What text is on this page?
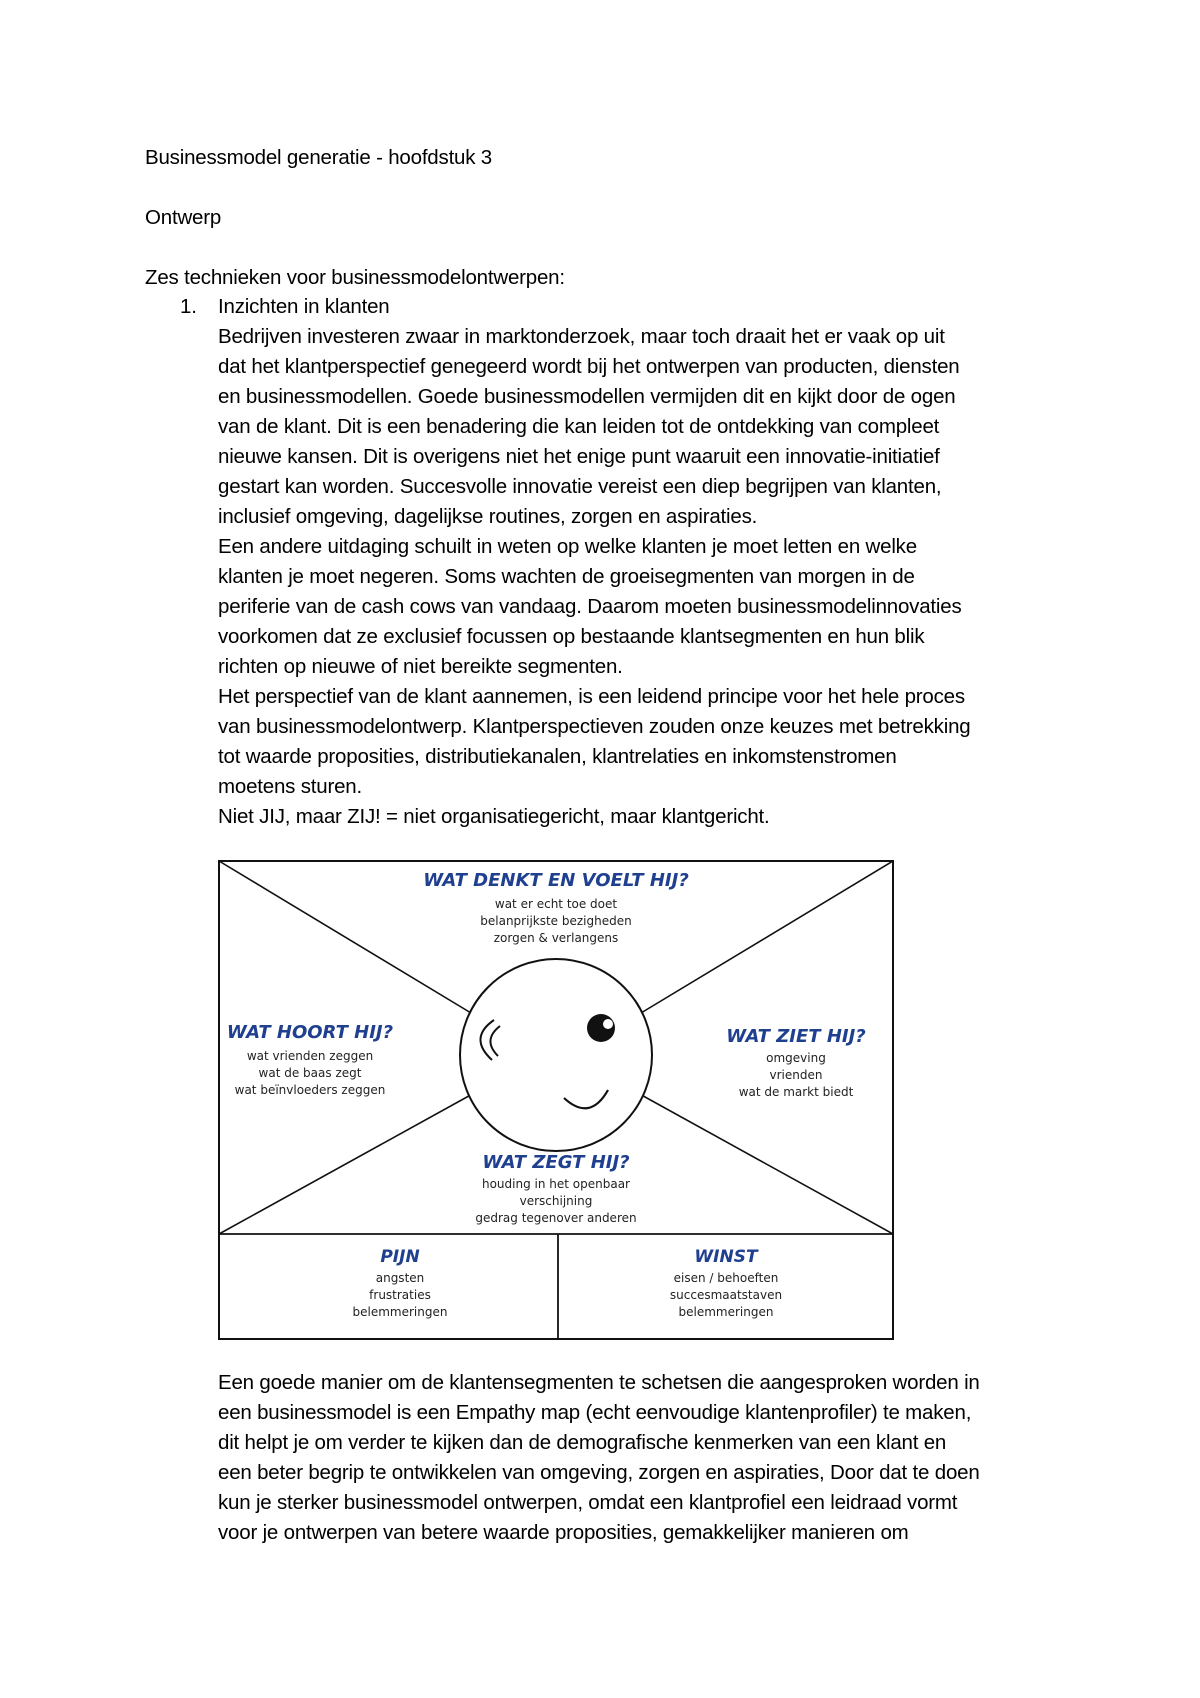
Businessmodel generatie - hoofdstuk 3
Ontwerp
Zes technieken voor businessmodelontwerpen:
1. Inzichten in klanten
Bedrijven investeren zwaar in marktonderzoek, maar toch draait het er vaak op uit
dat het klantperspectief genegeerd wordt bij het ontwerpen van producten, diensten
en businessmodellen. Goede businessmodellen vermijden dit en kijkt door de ogen
van de klant. Dit is een benadering die kan leiden tot de ontdekking van compleet
nieuwe kansen. Dit is overigens niet het enige punt waaruit een innovatie-initiatief
gestart kan worden. Succesvolle innovatie vereist een diep begrijpen van klanten,
inclusief omgeving, dagelijkse routines, zorgen en aspiraties.
Een andere uitdaging schuilt in weten op welke klanten je moet letten en welke
klanten je moet negeren. Soms wachten de groeisegmenten van morgen in de
periferie van de cash cows van vandaag. Daarom moeten businessmodelinnovaties
voorkomen dat ze exclusief focussen op bestaande klantsegmenten en hun blik
richten op nieuwe of niet bereikte segmenten.
Het perspectief van de klant aannemen, is een leidend principe voor het hele proces
van businessmodelontwerp. Klantperspectieven zouden onze keuzes met betrekking
tot waarde proposities, distributiekanalen, klantrelaties en inkomstenstromen
moetens sturen.
Niet JIJ, maar ZIJ! = niet organisatiegericht, maar klantgericht.
WAT DENKT EN VOELT HIJ?
wat er echt toe doet
belanprijkste bezigheden
zorgen & verlangens
WAT HOORT HIJ?
wat vrienden zeggen
wat de baas zegt
wat beïnvloeders zeggen
WAT ZIET HIJ?
omgeving
vrienden
wat de markt biedt
WAT ZEGT HIJ?
houding in het openbaar
verschijning
gedrag tegenover anderen
PIJN
angsten
frustraties
belemmeringen
WINST
eisen / behoeften
succesmaatstaven
belemmeringen
Een goede manier om de klantensegmenten te schetsen die aangesproken worden in
een businessmodel is een Empathy map (echt eenvoudige klantenprofiler) te maken,
dit helpt je om verder te kijken dan de demografische kenmerken van een klant en
een beter begrip te ontwikkelen van omgeving, zorgen en aspiraties, Door dat te doen
kun je sterker businessmodel ontwerpen, omdat een klantprofiel een leidraad vormt
voor je ontwerpen van betere waarde proposities, gemakkelijker manieren om
